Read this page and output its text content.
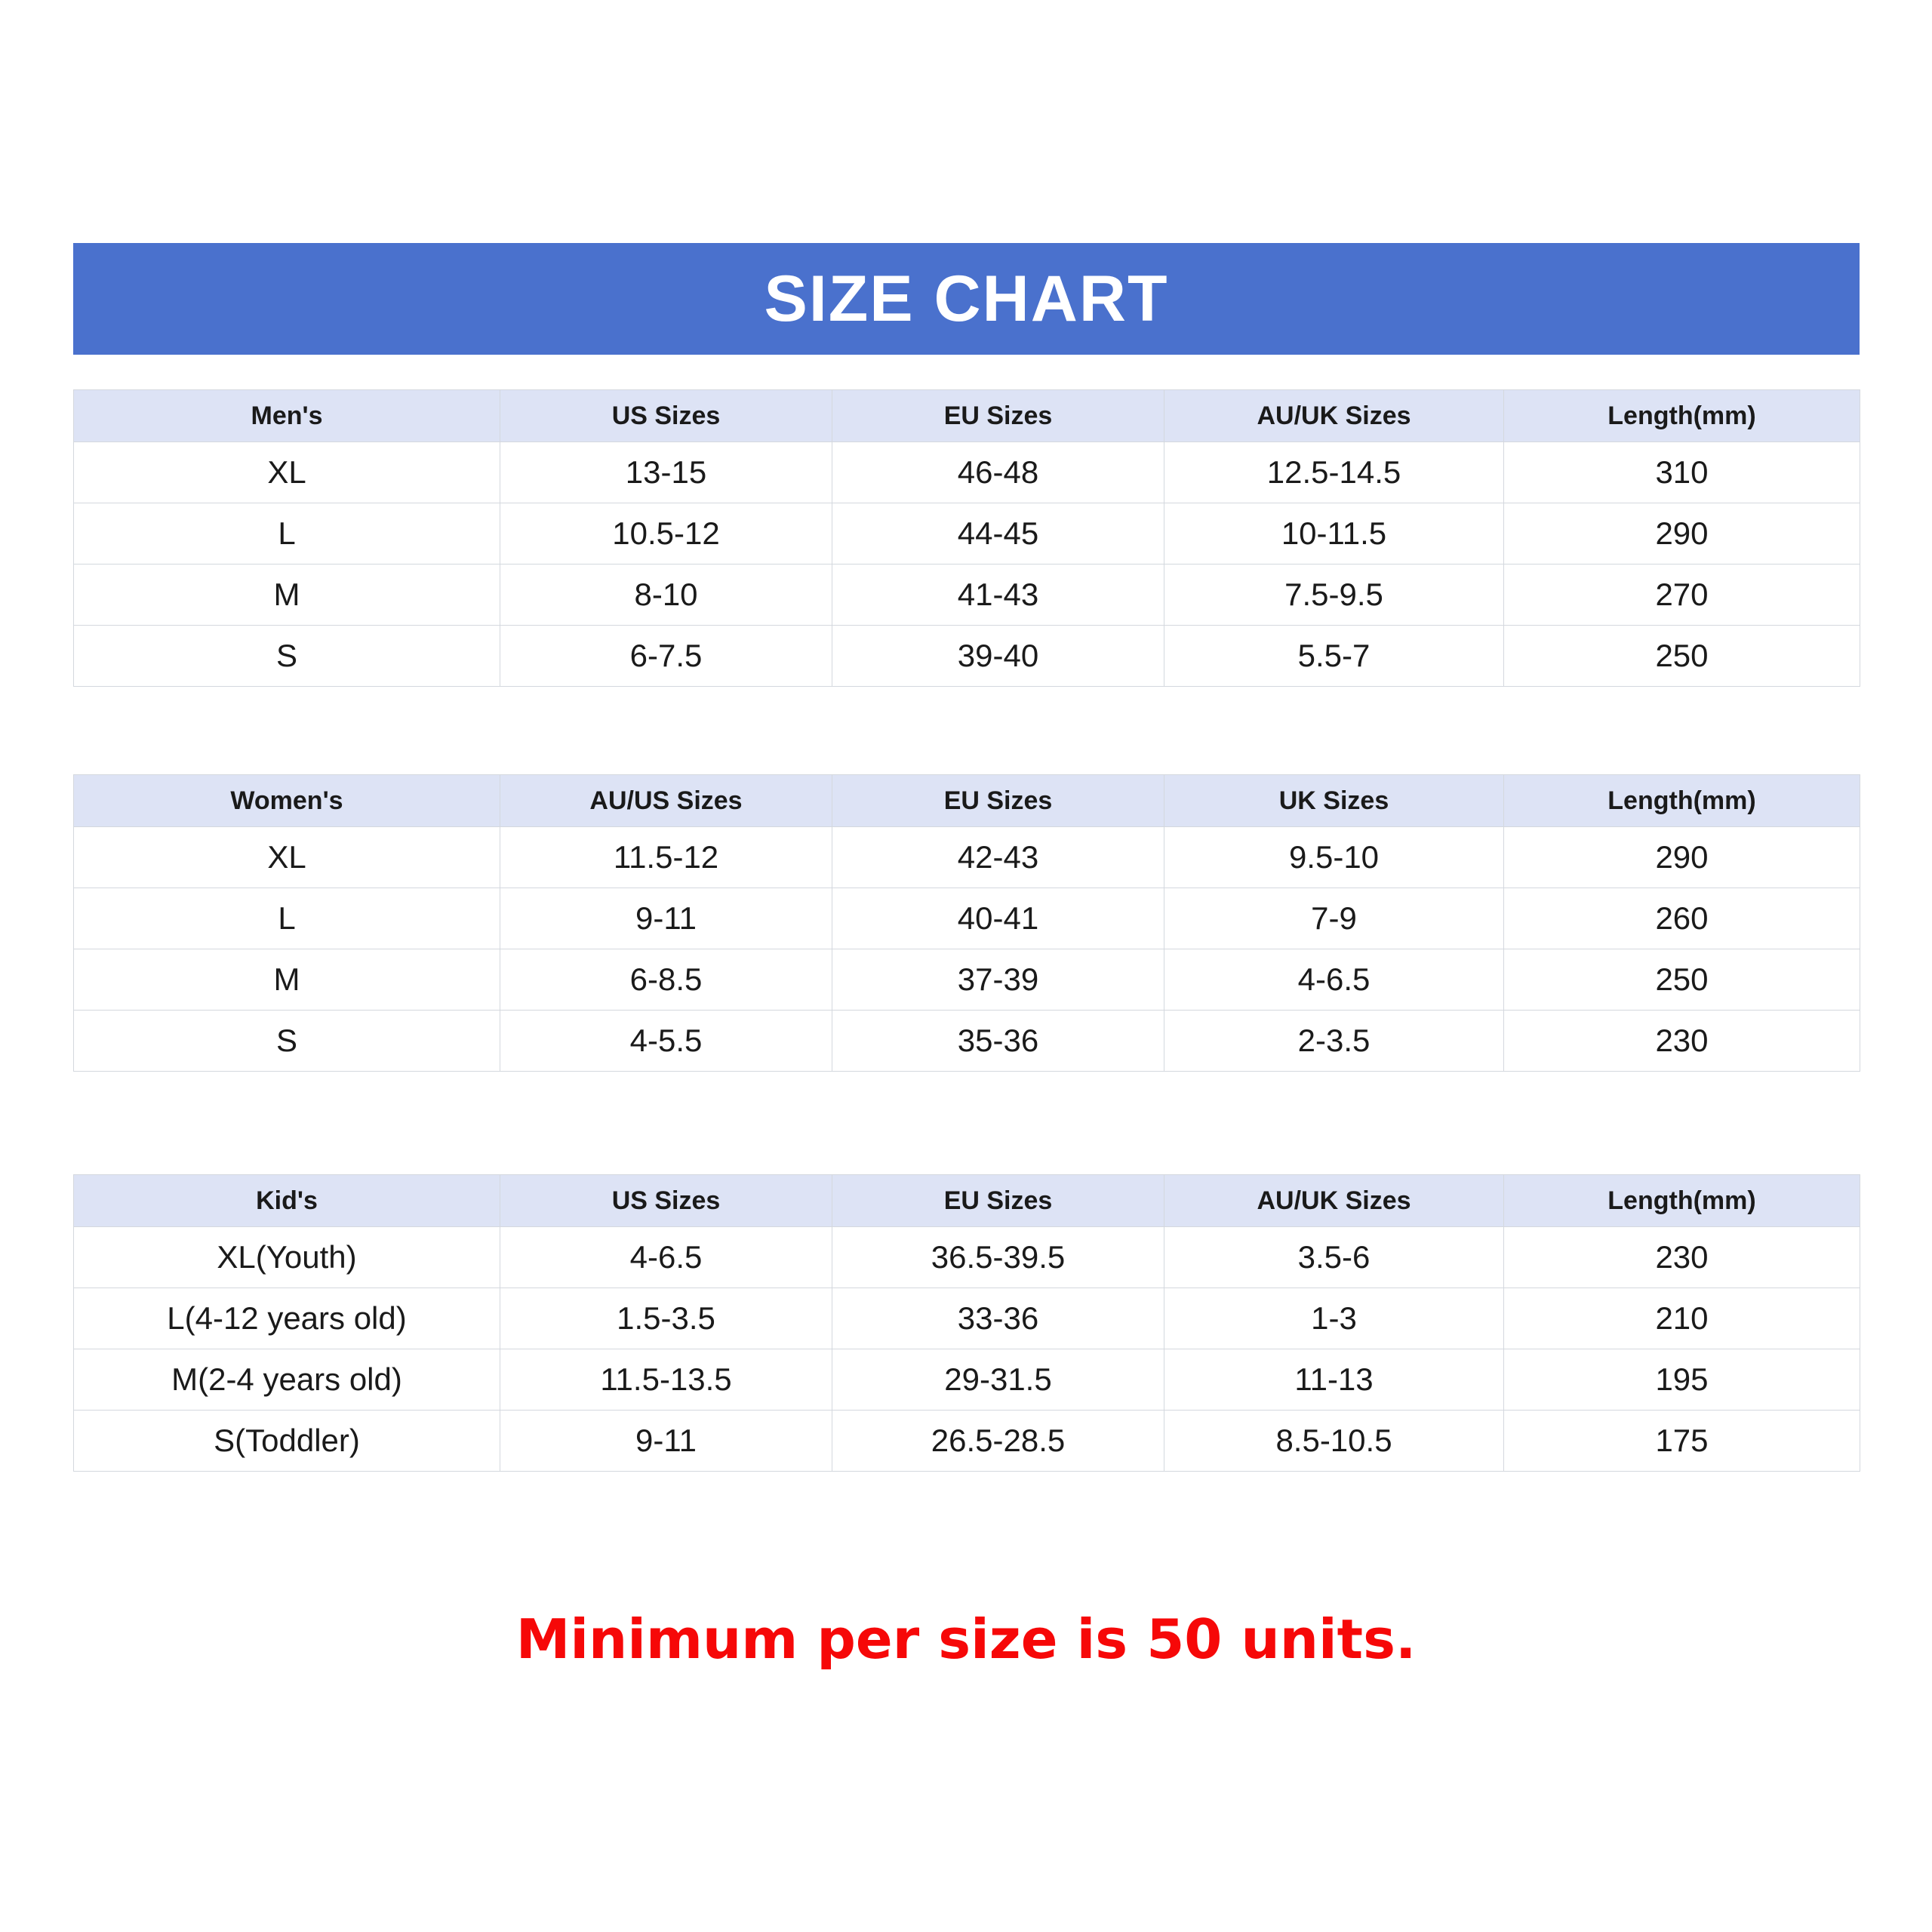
SIZE CHART
Men's	US Sizes	EU Sizes	AU/UK Sizes	Length(mm)
XL	13-15	46-48	12.5-14.5	310
L	10.5-12	44-45	10-11.5	290
M	8-10	41-43	7.5-9.5	270
S	6-7.5	39-40	5.5-7	250
Women's	AU/US Sizes	EU Sizes	UK Sizes	Length(mm)
XL	11.5-12	42-43	9.5-10	290
L	9-11	40-41	7-9	260
M	6-8.5	37-39	4-6.5	250
S	4-5.5	35-36	2-3.5	230
Kid's	US Sizes	EU Sizes	AU/UK Sizes	Length(mm)
XL(Youth)	4-6.5	36.5-39.5	3.5-6	230
L(4-12 years old)	1.5-3.5	33-36	1-3	210
M(2-4 years old)	11.5-13.5	29-31.5	11-13	195
S(Toddler)	9-11	26.5-28.5	8.5-10.5	175
Minimum per size is 50 units.
